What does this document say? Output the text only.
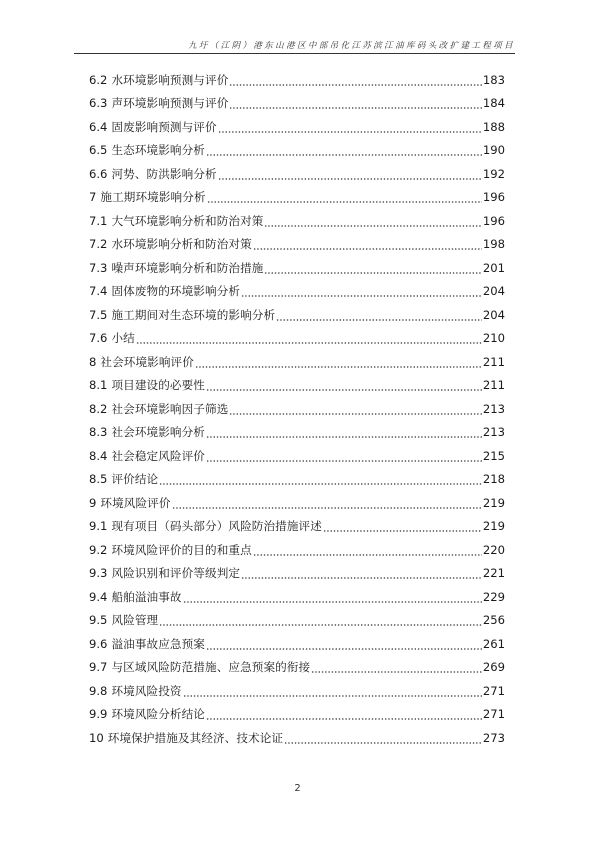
九圩（江阴）港东山港区中部吊化江苏滨江油库码头改扩建工程项目
6.2 水环境影响预测与评价	183
6.3 声环境影响预测与评价	184
6.4 固废影响预测与评价	188
6.5 生态环境影响分析	190
6.6 河势、防洪影响分析	192
7 施工期环境影响分析	196
7.1 大气环境影响分析和防治对策	196
7.2 水环境影响分析和防治对策	198
7.3 噪声环境影响分析和防治措施	201
7.4 固体废物的环境影响分析	204
7.5 施工期间对生态环境的影响分析	204
7.6 小结	210
8 社会环境影响评价	211
8.1 项目建设的必要性	211
8.2 社会环境影响因子筛选	213
8.3 社会环境影响分析	213
8.4 社会稳定风险评价	215
8.5 评价结论	218
9 环境风险评价	219
9.1 现有项目（码头部分）风险防治措施评述	219
9.2 环境风险评价的目的和重点	220
9.3 风险识别和评价等级判定	221
9.4 船舶溢油事故	229
9.5 风险管理	256
9.6 溢油事故应急预案	261
9.7 与区域风险防范措施、应急预案的衔接	269
9.8 环境风险投资	271
9.9 环境风险分析结论	271
10 环境保护措施及其经济、技术论证	273
2
